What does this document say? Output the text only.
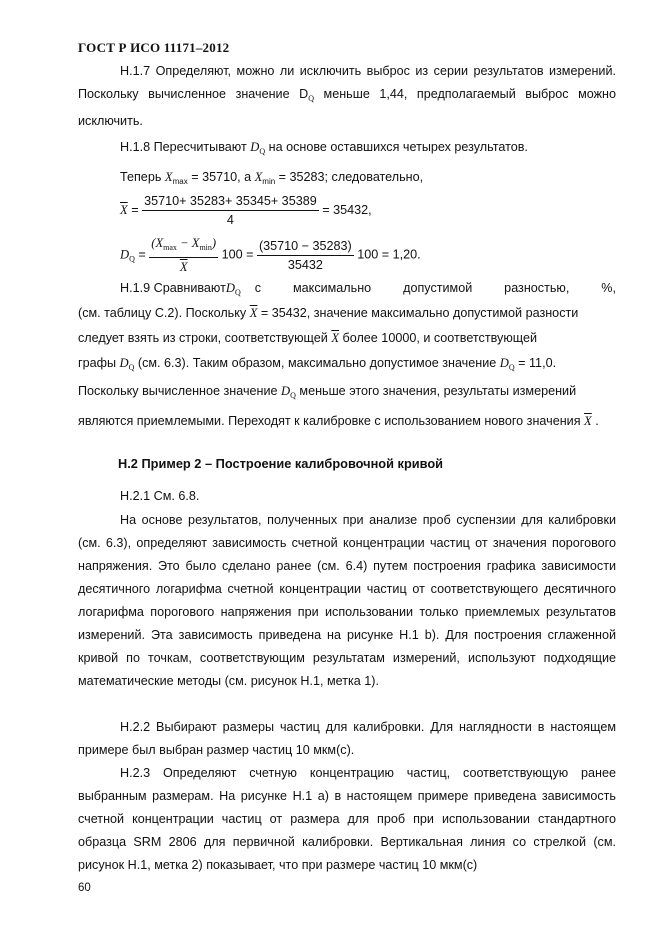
ГОСТ Р ИСО 11171–2012
Н.1.7 Определяют, можно ли исключить выброс из серии результатов измерений. Поскольку вычисленное значение $D_Q$ меньше 1,44, предполагаемый выброс можно исключить.
Н.1.8 Пересчитывают $D_Q$ на основе оставшихся четырех результатов.
Теперь $X_{max} = 35710$, а $X_{min} = 35283$; следовательно,
$\overline{X} = \frac{35710+ 35283+ 35345+ 35389}{4} = 35432$,
$D_Q = \frac{(X_{max} - X_{min})}{X} 100 = \frac{(35710 - 35283)}{35432} 100 = 1,20$.
Н.1.9 Сравнивают $D_Q$	с максимально допустимой разностью, %,
(см. таблицу С.2). Поскольку $\overline{X} = 35432$, значение максимально допустимой разности
следует взять из строки, соответствующей $\overline{X}$ более 10000, и соответствующей
графы $D_Q$ (см. 6.3). Таким образом, максимально допустимое значение $D_Q = 11,0$.
Поскольку вычисленное значение $D_Q$ меньше этого значения, результаты измерений
являются приемлемыми. Переходят к калибровке с использованием нового значения $\overline{X}$ .
Н.2 Пример 2 – Построение калибровочной кривой
Н.2.1 См. 6.8.
На основе результатов, полученных при анализе проб суспензии для калибровки (см. 6.3), определяют зависимость счетной концентрации частиц от значения порогового напряжения. Это было сделано ранее (см. 6.4) путем построения графика зависимости десятичного логарифма счетной концентрации частиц от соответствующего десятичного логарифма порогового напряжения при использовании только приемлемых результатов измерений. Эта зависимость приведена на рисунке Н.1 b). Для построения сглаженной кривой по точкам, соответствующим результатам измерений, используют подходящие математические методы (см. рисунок Н.1, метка 1).
Н.2.2 Выбирают размеры частиц для калибровки. Для наглядности в настоящем примере был выбран размер частиц 10 мкм(с).
Н.2.3 Определяют счетную концентрацию частиц, соответствующую ранее выбранным размерам. На рисунке Н.1 а) в настоящем примере приведена зависимость счетной концентрации частиц от размера для проб при использовании стандартного образца SRM 2806 для первичной калибровки. Вертикальная линия со стрелкой (см. рисунок Н.1, метка 2) показывает, что при размере частиц 10 мкм(с)
60
